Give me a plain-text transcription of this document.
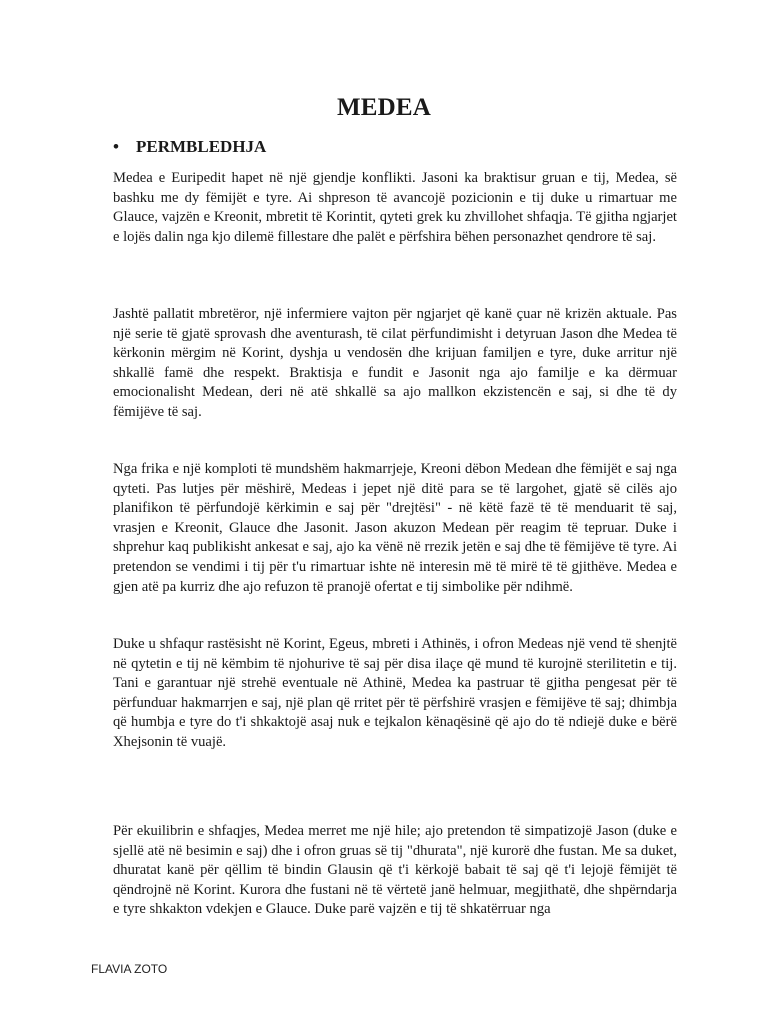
MEDEA
• PERMBLEDHJA

Medea e Euripedit hapet në një gjendje konflikti. Jasoni ka braktisur gruan e tij, Medea, së bashku me dy fëmijët e tyre. Ai shpreson të avancojë pozicionin e tij duke u rimartuar me Glauce, vajzën e Kreonit, mbretit të Korintit, qyteti grek ku zhvillohet shfaqja. Të gjitha ngjarjet e lojës dalin nga kjo dilemë fillestare dhe palët e përfshira bëhen personazhet qendrore të saj.

Jashtë pallatit mbretëror, një infermiere vajton për ngjarjet që kanë çuar në krizën aktuale. Pas një serie të gjatë sprovash dhe aventurash, të cilat përfundimisht i detyruan Jason dhe Medea të kërkonin mërgim në Korint, dyshja u vendosën dhe krijuan familjen e tyre, duke arritur një shkallë famë dhe respekt. Braktisja e fundit e Jasonit nga ajo familje e ka dërmuar emocionalisht Medean, deri në atë shkallë sa ajo mallkon ekzistencën e saj, si dhe të dy fëmijëve të saj.

Nga frika e një komploti të mundshëm hakmarrjeje, Kreoni dëbon Medean dhe fëmijët e saj nga qyteti. Pas lutjes për mëshirë, Medeas i jepet një ditë para se të largohet, gjatë së cilës ajo planifikon të përfundojë kërkimin e saj për "drejtësi" - në këtë fazë të të menduarit të saj, vrasjen e Kreonit, Glauce dhe Jasonit. Jason akuzon Medean për reagim të tepruar. Duke i shprehur kaq publikisht ankesat e saj, ajo ka vënë në rrezik jetën e saj dhe të fëmijëve të tyre. Ai pretendon se vendimi i tij për t'u rimartuar ishte në interesin më të mirë të të gjithëve. Medea e gjen atë pa kurriz dhe ajo refuzon të pranojë ofertat e tij simbolike për ndihmë.

Duke u shfaqur rastësisht në Korint, Egeus, mbreti i Athinës, i ofron Medeas një vend të shenjtë në qytetin e tij në këmbim të njohurive të saj për disa ilaçe që mund të kurojnë sterilitetin e tij. Tani e garantuar një strehë eventuale në Athinë, Medea ka pastruar të gjitha pengesat për të përfunduar hakmarrjen e saj, një plan që rritet për të përfshirë vrasjen e fëmijëve të saj; dhimbja që humbja e tyre do t'i shkaktojë asaj nuk e tejkalon kënaqësinë që ajo do të ndiejë duke e bërë Xhejsonin të vuajë.

Për ekuilibrin e shfaqjes, Medea merret me një hile; ajo pretendon të simpatizojë Jason (duke e sjellë atë në besimin e saj) dhe i ofron gruas së tij "dhurata", një kurorë dhe fustan. Me sa duket, dhuratat kanë për qëllim të bindin Glausin që t'i kërkojë babait të saj që t'i lejojë fëmijët të qëndrojnë në Korint. Kurora dhe fustani në të vërtetë janë helmuar, megjithatë, dhe shpërndarja e tyre shkakton vdekjen e Glauce. Duke parë vajzën e tij të shkatërruar nga

FLAVIA ZOTO
